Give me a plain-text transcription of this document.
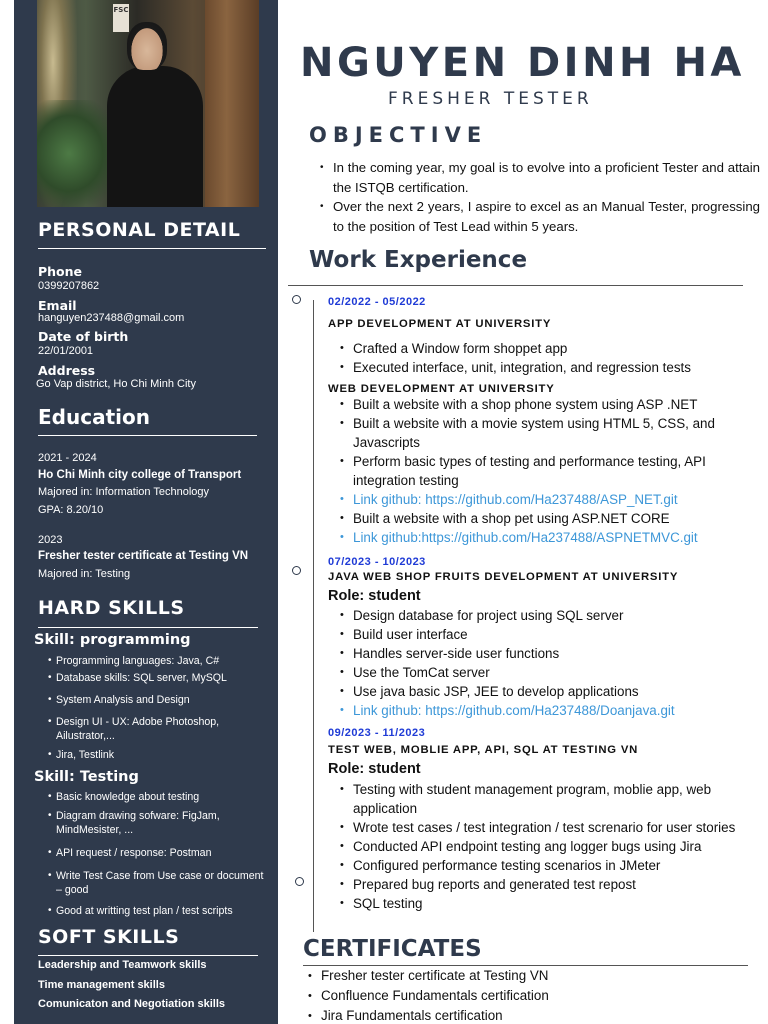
FSC
PERSONAL DETAIL
Phone
0399207862
Email
hanguyen237488@gmail.com
Date of birth
22/01/2001
Address
Go Vap district, Ho Chi Minh City
Education
2021 - 2024
Ho Chi Minh city college of Transport
Majored in: Information Technology
GPA: 8.20/10
2023
Fresher tester certificate at Testing VN
Majored in: Testing
HARD SKILLS
Skill: programming
• Programming languages: Java, C#
• Database skills: SQL server, MySQL
• System Analysis and Design
• Design UI - UX: Adobe Photoshop, Ailustrator,...
• Jira, Testlink
Skill: Testing
• Basic knowledge about testing
• Diagram drawing sofware: FigJam, MindMesister, ...
• API request / response: Postman
• Write Test Case from Use case or document – good
• Good at writting test plan / test scripts
SOFT SKILLS
Leadership and Teamwork skills
Time management skills
Comunicaton and Negotiation skills
NGUYEN DINH HA
FRESHER TESTER
OBJECTIVE
• In the coming year, my goal is to evolve into a proficient Tester and attain the ISTQB certification.
• Over the next 2 years, I aspire to excel as an Manual Tester, progressing to the position of Test Lead within 5 years.
Work Experience
02/2022 - 05/2022
APP DEVELOPMENT AT UNIVERSITY
• Crafted a Window form shoppet app
• Executed interface, unit, integration, and regression tests
WEB DEVELOPMENT AT UNIVERSITY
• Built a website with a shop phone system using ASP .NET
• Built a website with a movie system using HTML 5, CSS, and Javascripts
• Perform basic types of testing and performance testing, API integration testing
• Link github: https://github.com/Ha237488/ASP_NET.git
• Built a website with a shop pet using ASP.NET CORE
• Link github:https://github.com/Ha237488/ASPNETMVC.git
07/2023 - 10/2023
JAVA WEB SHOP FRUITS DEVELOPMENT AT UNIVERSITY
Role: student
• Design database for project using SQL server
• Build user interface
• Handles server-side user functions
• Use the TomCat server
• Use java basic JSP, JEE to develop applications
• Link github: https://github.com/Ha237488/Doanjava.git
09/2023 - 11/2023
TEST WEB, MOBLIE APP, API, SQL AT TESTING VN
Role: student
• Testing with student management program, moblie app, web application
• Wrote test cases / test integration / test screnario for user stories
• Conducted API endpoint testing ang logger bugs using Jira
• Configured performance testing scenarios in JMeter
• Prepared bug reports and generated test repost
• SQL testing
CERTIFICATES
• Fresher tester certificate at Testing VN
• Confluence Fundamentals certification
• Jira Fundamentals certification
